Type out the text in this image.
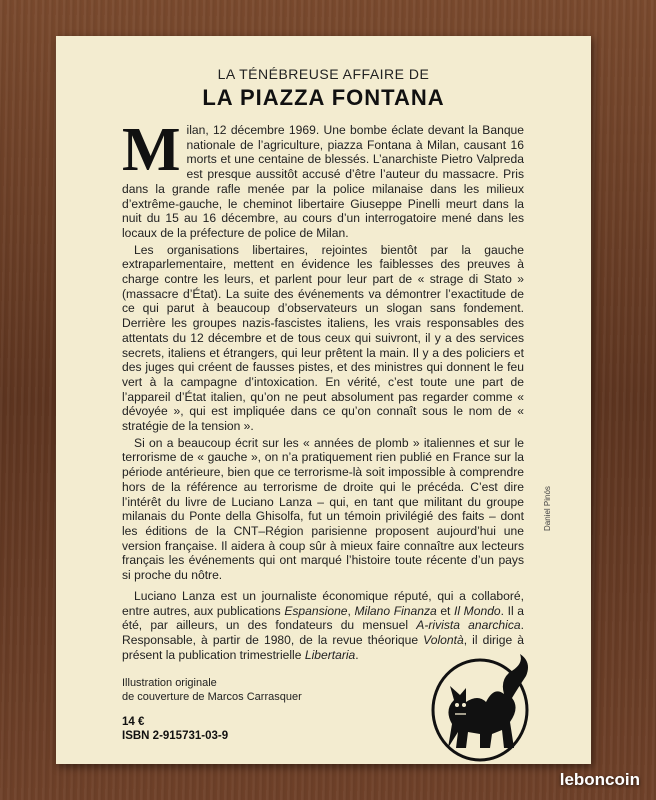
LA TÉNÉBREUSE AFFAIRE DE
LA PIAZZA FONTANA

Milan, 12 décembre 1969. Une bombe éclate devant la Banque nationale de l’agriculture, piazza Fontana à Milan, causant 16 morts et une centaine de blessés. L’anarchiste Pietro Valpreda est presque aussitôt accusé d’être l’auteur du massacre. Pris dans la grande rafle menée par la police milanaise dans les milieux d’extrême-gauche, le cheminot libertaire Giuseppe Pinelli meurt dans la nuit du 15 au 16 décembre, au cours d’un interrogatoire mené dans les locaux de la préfecture de police de Milan.

Les organisations libertaires, rejointes bientôt par la gauche extraparlementaire, mettent en évidence les faiblesses des preuves à charge contre les leurs, et parlent pour leur part de « strage di Stato » (massacre d’État). La suite des événements va démontrer l’exactitude de ce qui parut à beaucoup d’observateurs un slogan sans fondement. Derrière les groupes nazis-fascistes italiens, les vrais responsables des attentats du 12 décembre et de tous ceux qui suivront, il y a des services secrets, italiens et étrangers, qui leur prêtent la main. Il y a des policiers et des juges qui créent de fausses pistes, et des ministres qui donnent le feu vert à la campagne d’intoxication. En vérité, c’est toute une part de l’appareil d’État italien, qu’on ne peut absolument pas regarder comme « dévoyée », qui est impliquée dans ce qu’on connaît sous le nom de « stratégie de la tension ».

Si on a beaucoup écrit sur les « années de plomb » italiennes et sur le terrorisme de « gauche », on n’a pratiquement rien publié en France sur la période antérieure, bien que ce terrorisme-là soit impossible à comprendre hors de la référence au terrorisme de droite qui le précéda. C’est dire l’intérêt du livre de Luciano Lanza – qui, en tant que militant du groupe milanais du Ponte della Ghisolfa, fut un témoin privilégié des faits – dont les éditions de la CNT–Région parisienne proposent aujourd’hui une version française. Il aidera à coup sûr à mieux faire connaître aux lecteurs français les événements qui ont marqué l’histoire toute récente d’un pays si proche du nôtre.

Luciano Lanza est un journaliste économique réputé, qui a collaboré, entre autres, aux publications Espansione, Milano Finanza et Il Mondo. Il a été, par ailleurs, un des fondateurs du mensuel A-rivista anarchica. Responsable, à partir de 1980, de la revue théorique Volontà, il dirige à présent la publication trimestrielle Libertaria.

Illustration originale
de couverture de Marcos Carrasquer
14 €
ISBN 2-915731-03-9
Daniel Pinós
leboncoin
